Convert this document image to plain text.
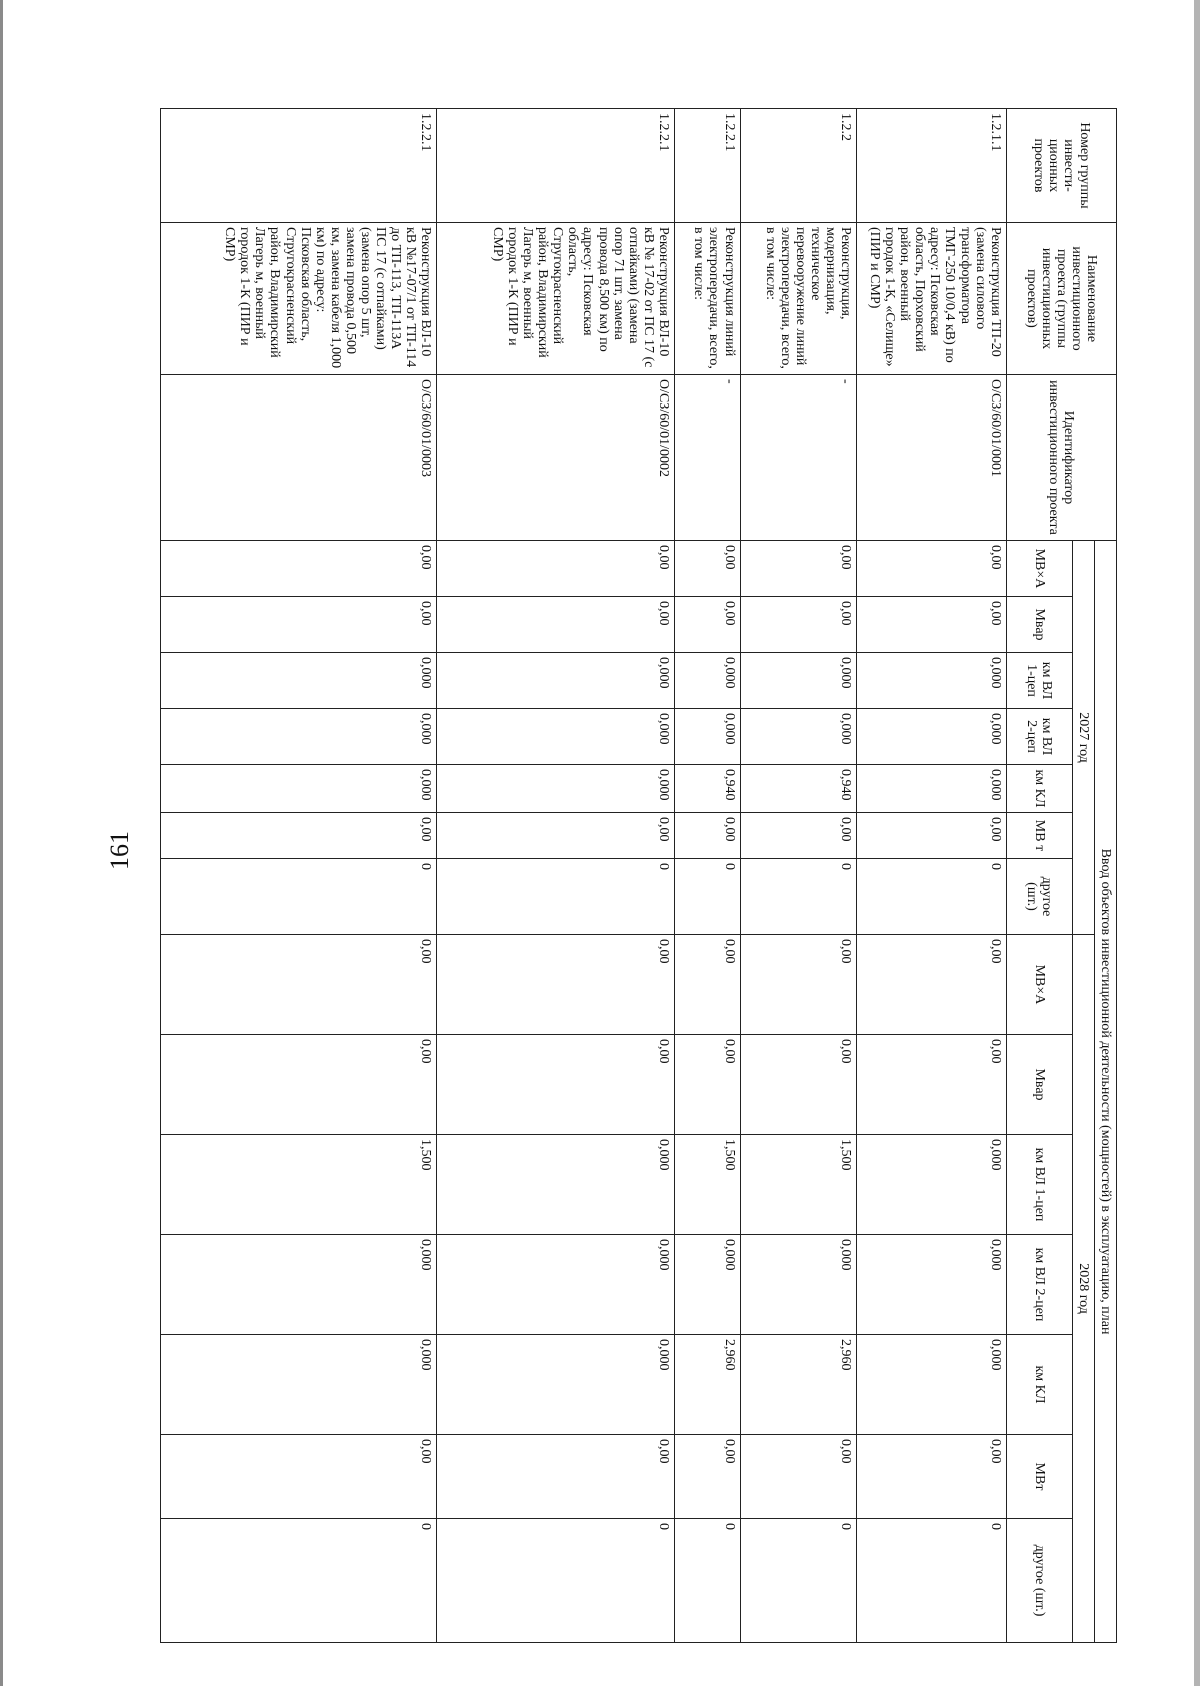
161
Номер группы инвести-ционных проектов	Наименование инвестиционного проекта (группы инвестиционных проектов)	Идентификатор инвестиционного проекта	Ввод объектов инвестиционной деятельности (мощностей) в эксплуатацию, план													
			2027 год							2028 год						
			МВ×А	Мвар	км ВЛ 1-цеп	км ВЛ 2-цеп	км КЛ	МВ т	другое (шт.)	МВ×А	Мвар	км ВЛ 1-цеп	км ВЛ 2-цеп	км КЛ	МВт	другое (шт.)
1.2.1.1	Реконструкция ТП-20 (замена силового трансформатора ТМГ-250 10/0,4 кВ) по адресу: Псковская область, Порховский район, военный городок 1-К, «Селище» (ПИР и СМР)	О/СЗ/60/01/0001	0,00	0,00	0,000	0,000	0,000	0,00	0	0,00	0,00	0,000	0,000	0,000	0,00	0
1.2.2	Реконструкция, модернизация, техническое перевооружение линий электропередачи, всего, в том числе:	-	0,00	0,00	0,000	0,000	0,940	0,00	0	0,00	0,00	1,500	0,000	2,960	0,00	0
1.2.2.1	Реконструкция линий электропередачи, всего, в том числе:	-	0,00	0,00	0,000	0,000	0,940	0,00	0	0,00	0,00	1,500	0,000	2,960	0,00	0
1.2.2.1	Реконструкция ВЛ-10 кВ № 17-02 от ПС 17 (с отпайками) (замена опор 71 шт, замена провода 8,500 км) по адресу: Псковская область, Стругокрасненский район, Владимирский Лагерь м, военный городок 1-К (ПИР и СМР)	О/СЗ/60/01/0002	0,00	0,00	0,000	0,000	0,000	0,00	0	0,00	0,00	0,000	0,000	0,000	0,00	0
1.2.2.1	Реконструкция ВЛ-10 кВ №17-07/1 от ТП-114 до ТП-113, ТП-113А ПС 17 (с отпайками) (замена опор 5 шт, замена провода 0,500 км, замена кабеля 1,000 км) по адресу: Псковская область, Стругокрасненский район, Владимирский Лагерь м, военный городок 1-К (ПИР и СМР)	О/СЗ/60/01/0003	0,00	0,00	0,000	0,000	0,000	0,00	0	0,00	0,00	1,500	0,000	0,000	0,00	0
